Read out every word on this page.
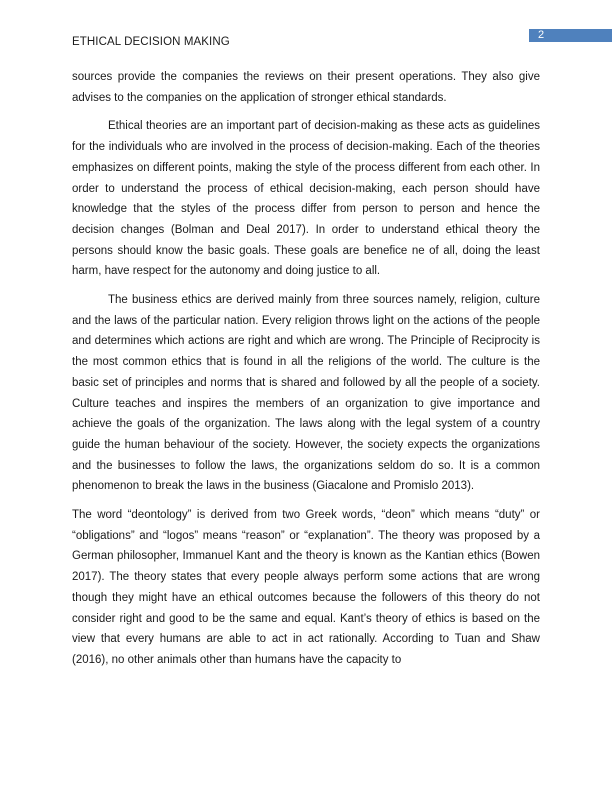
ETHICAL DECISION MAKING
2

sources provide the companies the reviews on their present operations. They also give advises to the companies on the application of stronger ethical standards.

Ethical theories are an important part of decision-making as these acts as guidelines for the individuals who are involved in the process of decision-making. Each of the theories emphasizes on different points, making the style of the process different from each other. In order to understand the process of ethical decision-making, each person should have knowledge that the styles of the process differ from person to person and hence the decision changes (Bolman and Deal 2017). In order to understand ethical theory the persons should know the basic goals. These goals are benefice ne of all, doing the least harm, have respect for the autonomy and doing justice to all.

The business ethics are derived mainly from three sources namely, religion, culture and the laws of the particular nation. Every religion throws light on the actions of the people and determines which actions are right and which are wrong. The Principle of Reciprocity is the most common ethics that is found in all the religions of the world. The culture is the basic set of principles and norms that is shared and followed by all the people of a society. Culture teaches and inspires the members of an organization to give importance and achieve the goals of the organization. The laws along with the legal system of a country guide the human behaviour of the society. However, the society expects the organizations and the businesses to follow the laws, the organizations seldom do so. It is a common phenomenon to break the laws in the business (Giacalone and Promislo 2013).

The word “deontology” is derived from two Greek words, “deon” which means “duty” or “obligations” and “logos” means “reason” or “explanation”. The theory was proposed by a German philosopher, Immanuel Kant and the theory is known as the Kantian ethics (Bowen 2017). The theory states that every people always perform some actions that are wrong though they might have an ethical outcomes because the followers of this theory do not consider right and good to be the same and equal. Kant’s theory of ethics is based on the view that every humans are able to act in act rationally. According to Tuan and Shaw (2016), no other animals other than humans have the capacity to
